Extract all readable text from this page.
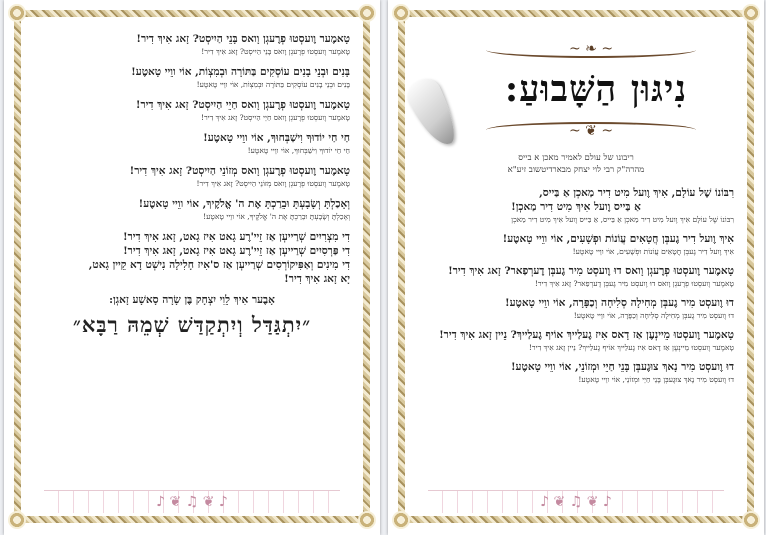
טָאמֶער וֶועסְטוּ פְרֶעגְן וָואס בָּנֵי הַיִיסְט? זָאג אִיךְ דִיר!
טָאמֶער וֶועסְטוּ פְרֶעגְן וָואס בָּנֵי הַיִיסְט? זָאג אִיךְ דִיר!
בָּנִים וּבְנֵי בָנִים עוֹסְקִים בַּתּוֹרָה וּבְמִצְוֹת, אוֹי ווֵיי טָאטֶע!
בָּנִים וּבְנֵי בָנִים עוֹסְקִים בַּתּוֹרָה וּבְמִצְוֹת, אוֹי ווֵיי טָאטֶע!
טָאמֶער וֶועסְטוּ פְרֶעגְן וָואס חַיֵי הַיִיסְט? זָאג אִיךְ דִיר!
טָאמֶער וֶועסְטוּ פְרֶעגְן וָואס חַיֵי הַיִיסְט? זָאג אִיךְ דִיר!
חַי חַי יוֹדוּךָ וִישַׁבְּחוּךָ, אוֹי ווֵיי טָאטֶע!
חַי חַי יוֹדוּךָ וִישַׁבְּחוּךָ, אוֹי ווֵיי טָאטֶע!
טָאמֶער וֶועסְטוּ פְרֶעגְן וָואס מְזוֹנֵי הַיִיסְט? זָאג אִיךְ דִיר!
טָאמֶער וֶועסְטוּ פְרֶעגְן וָואס מְזוֹנֵי הַיִיסְט? זָאג אִיךְ דִיר!
וְאָכַלְתָּ וְשָׂבָעְתָּ וּבֵרַכְתָּ אֶת ה' אֱלֹקֶיךָ, אוֹי ווֵיי טָאטֶע!
וְאָכַלְתָּ וְשָׂבָעְתָּ וּבֵרַכְתָּ אֶת ה' אֱלֹקֶיךָ, אוֹי ווֵיי טָאטֶע!
דִי מִצְרִיִים שְׁרַייעְן אַז זֵיי'רֶע גָאט אִיז גָאט, זָאג אִיךְ דִיר!
דִי פַּרְסִיִים שְׁרַייעְן אַז זֵיי'רֶע גָאט אִיז גָאט, זָאג אִיךְ דִיר!
דִי מִינִים וְאַפִּיקוֹרְסִים שְׁרַייעְן אַז ס'אִיז חָלִילָה נִישְׁט דָא קֵיין גָאט,
יָא זָאג אִיךְ דִיר!
אָבֶער אִיךְ לֵוִי יִצְחָק בֶּן שָׂרָה סָאשָׁע זָאגְן:
״יִתְגַּדַּל וְיִתְקַדַּשׁ שְׁמֵהּ רַבָּא״
♪ ❦ ♫ ❦ ♪
~ ❧ ~
נִיגּוּן הַשָּׁבוּעַ:
~ ❦ ~
ריבונו של עולם לאמיר מאכן א בייס
מהרה"ק רבי לוי יצחק מבארדיטשוב זיע"א
רִבּוֹנוֹ שֶׁל עוֹלָם, אִיךְ וֶועל מִיט דִיר מַאכְן אַ בַּייס,
אַ בַּייס וֶועל אִיךְ מִיט דִיר מַאכְן!
רִבּוֹנוֹ שֶׁל עוֹלָם אִיךְ וֶועל מִיט דִיר מַאכְן אַ בַּייס, אַ בַּייס וֶועל אִיךְ מִיט דִיר מַאכְן
אִיךְ וֶועל דִיר גֶעבְּן חֲטָאִים עֲוֹנוֹת וּפְשָׁעִים, אוֹי ווֵיי טָאטֶע!
אִיךְ וֶועל דִיר גֶעבְּן חֲטָאִים עֲוֹנוֹת וּפְשָׁעִים, אוֹי ווֵיי טָאטֶע!
טָאמֶער וֶועסְטוּ פְרֶעגְן וָואס דוּ וֶועסְט מִיר גֶעבְּן דֶערְפַאר? זָאג אִיךְ דִיר!
טָאמֶער וֶועסְטוּ פְרֶעגְן וָואס דוּ וֶועסְט מִיר גֶעבְּן דֶערְפַאר? זָאג אִיךְ דִיר!
דוּ וֶועסְט מִיר גֶעבְּן מְחִילָה סְלִיחָה וְכַפָּרָה, אוֹי ווֵיי טָאטֶע!
דוּ וֶועסְט מִיר גֶעבְּן מְחִילָה סְלִיחָה וְכַפָּרָה, אוֹי ווֵיי טָאטֶע!
טָאמֶער וֶועסְטוּ מֵיינְעֶן אַז דָאס אִיז גֶעלַייךְ אוֹיף גֶעלַייךְ? נֵיין זָאג אִיךְ דִיר!
טָאמֶער וֶועסְטוּ מֵיינְעֶן אַז דָאס אִיז גֶעלַייךְ אוֹיף גֶעלַייךְ? נֵיין זָאג אִיךְ דִיר!
דוּ וֶועסְט מִיר נָאךְ צוּגֶעבְּן בָּנֵי חַיֵי וּמְזוֹנֵי, אוֹי ווֵיי טָאטֶע!
דוּ וֶועסְט מִיר נָאךְ צוּגֶעבְּן בָּנֵי חַיֵי וּמְזוֹנֵי, אוֹי ווֵיי טָאטֶע!
♪ ❦ ♫ ❦ ♪
